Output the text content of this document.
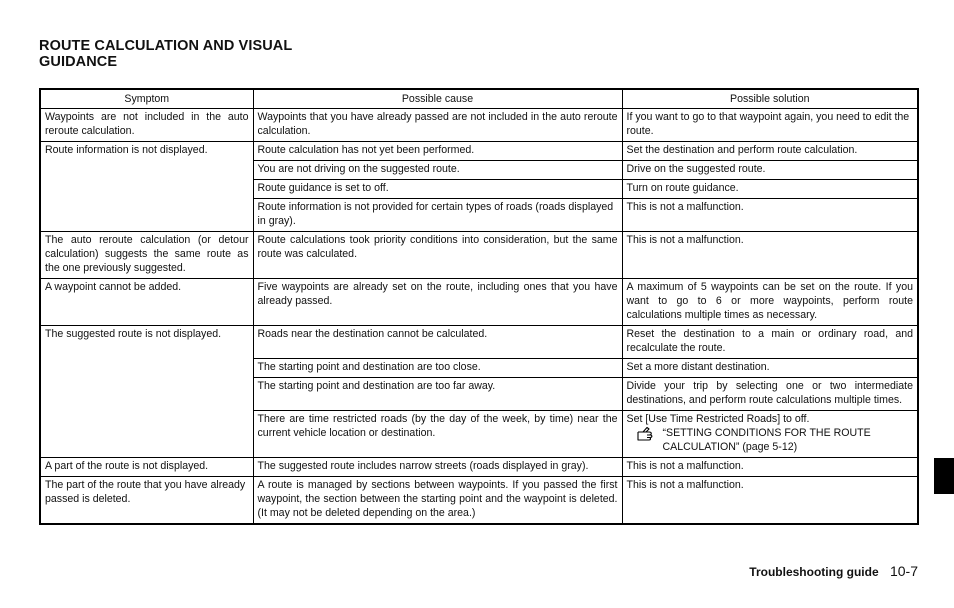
ROUTE CALCULATION AND VISUAL
GUIDANCE
Symptom	Possible cause	Possible solution
Waypoints are not included in the auto reroute calculation.	Waypoints that you have already passed are not included in the auto reroute calculation.	If you want to go to that waypoint again, you need to edit the route.
Route information is not displayed.	Route calculation has not yet been performed.	Set the destination and perform route calculation.
	You are not driving on the suggested route.	Drive on the suggested route.
	Route guidance is set to off.	Turn on route guidance.
	Route information is not provided for certain types of roads (roads displayed in gray).	This is not a malfunction.
The auto reroute calculation (or detour calculation) suggests the same route as the one previously suggested.	Route calculations took priority conditions into consideration, but the same route was calculated.	This is not a malfunction.
A waypoint cannot be added.	Five waypoints are already set on the route, including ones that you have already passed.	A maximum of 5 waypoints can be set on the route. If you want to go to 6 or more waypoints, perform route calculations multiple times as necessary.
The suggested route is not displayed.	Roads near the destination cannot be calculated.	Reset the destination to a main or ordinary road, and recalculate the route.
	The starting point and destination are too close.	Set a more distant destination.
	The starting point and destination are too far away.	Divide your trip by selecting one or two intermediate destinations, and perform route calculations multiple times.
	There are time restricted roads (by the day of the week, by time) near the current vehicle location or destination.	Set [Use Time Restricted Roads] to off.
“SETTING CONDITIONS FOR THE ROUTE CALCULATION” (page 5-12)

A part of the route is not displayed.	The suggested route includes narrow streets (roads displayed in gray).	This is not a malfunction.
The part of the route that you have already passed is deleted.	A route is managed by sections between waypoints. If you passed the first waypoint, the section between the starting point and the waypoint is deleted. (It may not be deleted depending on the area.)	This is not a malfunction.
Troubleshooting guide 10-7
